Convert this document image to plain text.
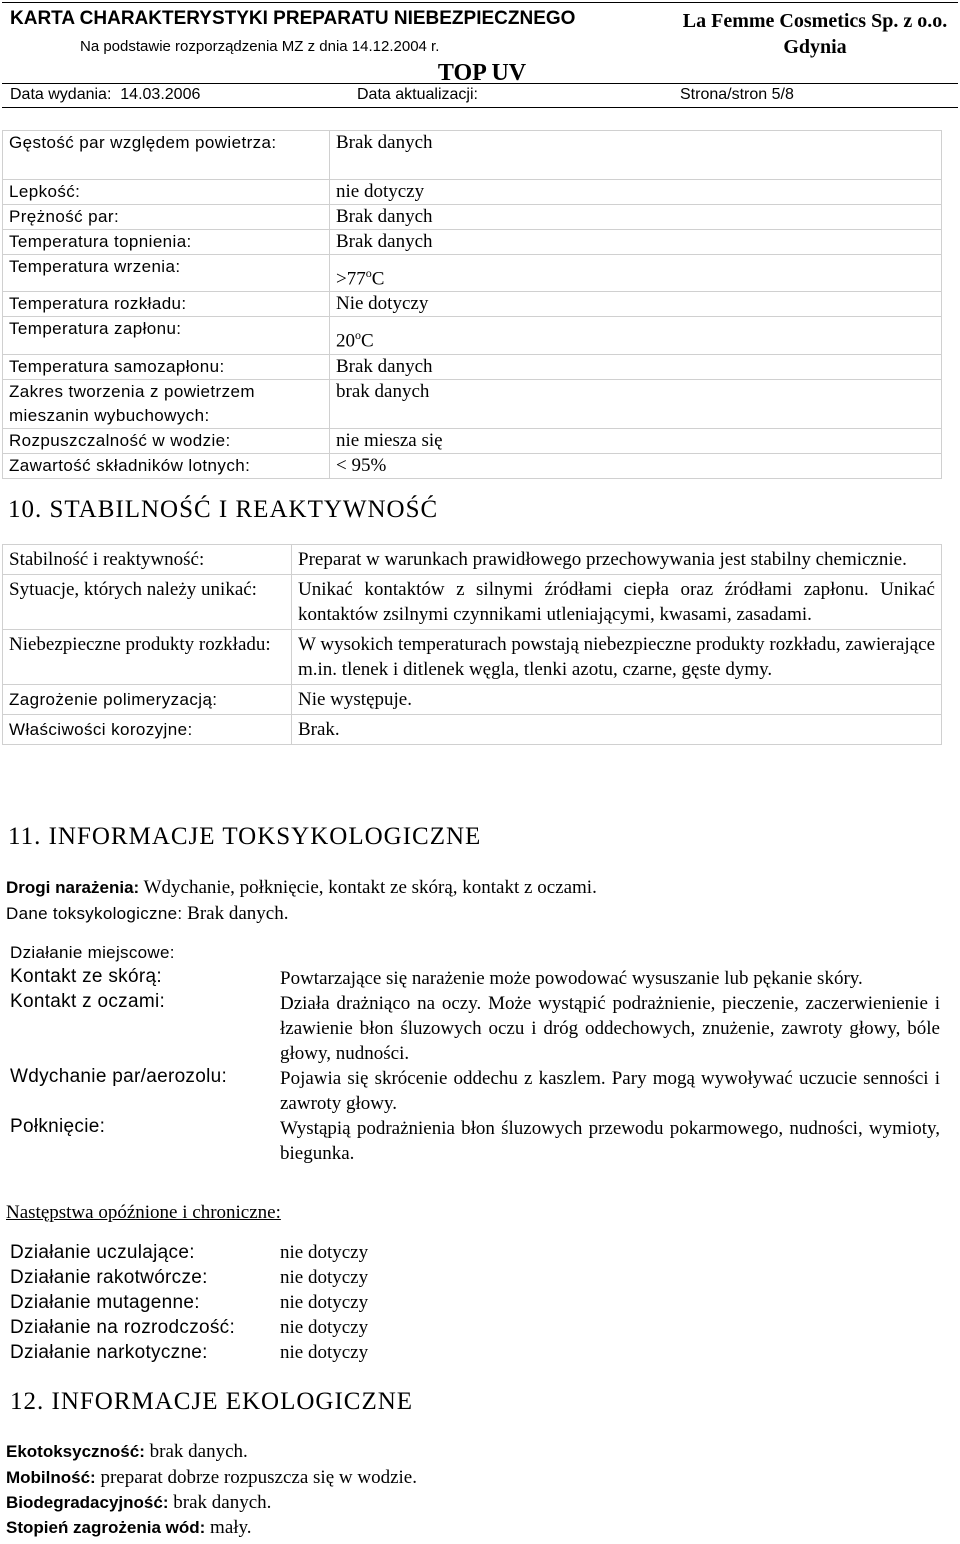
KARTA CHARAKTERYSTYKI PREPARATU NIEBEZPIECZNEGO
Na podstawie rozporządzenia MZ z dnia 14.12.2004 r.
La Femme Cosmetics Sp. z o.o.
Gdynia
TOP UV
Data wydania: 14.03.2006	Data aktualizacji:	Strona/stron 5/8
Gęstość par względem powietrza:	Brak danych
Lepkość:	nie dotyczy
Prężność par:	Brak danych
Temperatura topnienia:	Brak danych
Temperatura wrzenia:	$>77^oC$
Temperatura rozkładu:	Nie dotyczy
Temperatura zapłonu:	20$^o$C
Temperatura samozapłonu:	Brak danych
Zakres tworzenia z powietrzem mieszanin wybuchowych:	brak danych
Rozpuszczalność w wodzie:	nie miesza się
Zawartość składników lotnych:	< 95%
10. STABILNOŚĆ I REAKTYWNOŚĆ
Stabilność i reaktywność:	Preparat w warunkach prawidłowego przechowywania jest stabilny chemicznie.
Sytuacje, których należy unikać:	Unikać kontaktów z silnymi źródłami ciepła oraz źródłami zapłonu. Unikać kontaktów zsilnymi czynnikami utleniającymi, kwasami, zasadami.
Niebezpieczne produkty rozkładu:	W wysokich temperaturach powstają niebezpieczne produkty rozkładu, zawierające m.in. tlenek i ditlenek węgla, tlenki azotu, czarne, gęste dymy.
Zagrożenie polimeryzacją:	Nie występuje.
Właściwości korozyjne:	Brak.
11. INFORMACJE TOKSYKOLOGICZNE
Drogi narażenia: Wdychanie, połknięcie, kontakt ze skórą, kontakt z oczami.
Dane toksykologiczne: Brak danych.
Działanie miejscowe:
Kontakt ze skórą:	Powtarzające się narażenie może powodować wysuszanie lub pękanie skóry.
Kontakt z oczami:	Działa drażniąco na oczy. Może wystąpić podrażnienie, pieczenie, zaczerwienienie i łzawienie błon śluzowych oczu i dróg oddechowych, znużenie, zawroty głowy, bóle głowy, nudności.
Wdychanie par/aerozolu:	Pojawia się skrócenie oddechu z kaszlem. Pary mogą wywoływać uczucie senności i zawroty głowy.
Połknięcie:	Wystąpią podrażnienia błon śluzowych przewodu pokarmowego, nudności, wymioty, biegunka.
Następstwa opóźnione i chroniczne:
Działanie uczulające:	nie dotyczy
Działanie rakotwórcze:	nie dotyczy
Działanie mutagenne:	nie dotyczy
Działanie na rozrodczość:	nie dotyczy
Działanie narkotyczne:	nie dotyczy
12. INFORMACJE EKOLOGICZNE
Ekotoksyczność: brak danych.
Mobilność: preparat dobrze rozpuszcza się w wodzie.
Biodegradacyjność: brak danych.
Stopień zagrożenia wód: mały.
